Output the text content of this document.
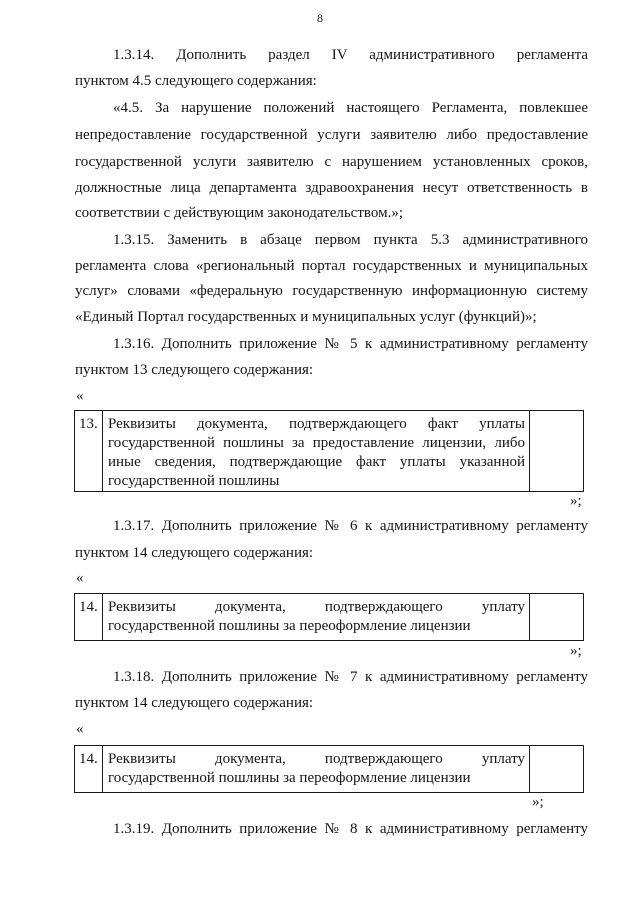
8
1.3.14. Дополнить раздел IV административного регламента
пунктом 4.5 следующего содержания:
«4.5. За нарушение положений настоящего Регламента, повлекшее
непредоставление государственной услуги заявителю либо предоставление
государственной услуги заявителю с нарушением установленных сроков,
должностные лица департамента здравоохранения несут ответственность в
соответствии с действующим законодательством.»;
1.3.15. Заменить в абзаце первом пункта 5.3 административного
регламента слова «региональный портал государственных и муниципальных
услуг» словами «федеральную государственную информационную систему
«Единый Портал государственных и муниципальных услуг (функций)»;
1.3.16. Дополнить приложение № 5 к административному регламенту
пунктом 13 следующего содержания:
«
13. Реквизиты документа, подтверждающего факт уплаты
государственной пошлины за предоставление лицензии, либо
иные сведения, подтверждающие факт уплаты указанной
государственной пошлины
»;
1.3.17. Дополнить приложение № 6 к административному регламенту
пунктом 14 следующего содержания:
«
14. Реквизиты документа, подтверждающего уплату
государственной пошлины за переоформление лицензии
»;
1.3.18. Дополнить приложение № 7 к административному регламенту
пунктом 14 следующего содержания:
«
14. Реквизиты документа, подтверждающего уплату
государственной пошлины за переоформление лицензии
»;
1.3.19. Дополнить приложение № 8 к административному регламенту
